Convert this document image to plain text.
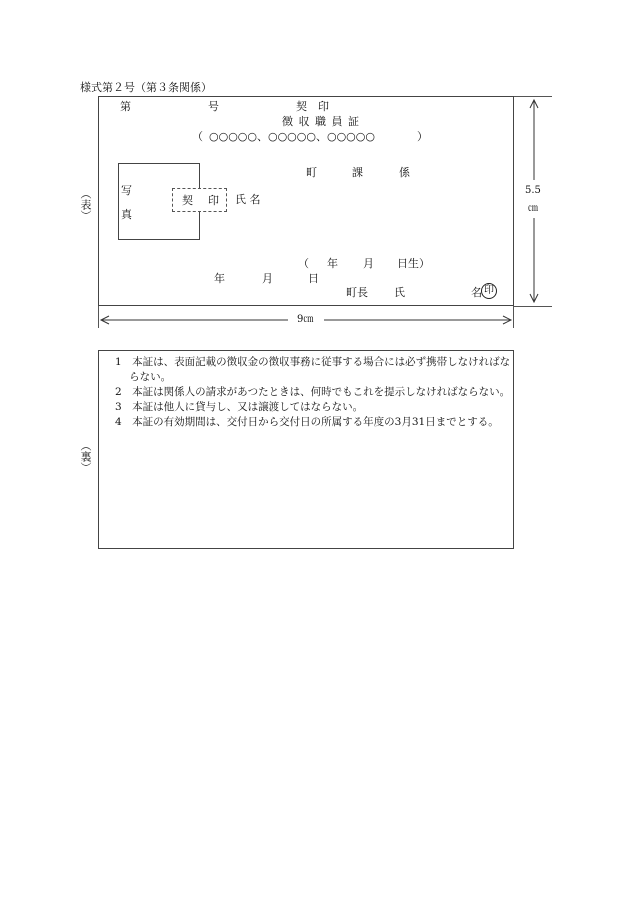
様式第２号（第３条関係）
（表）
第	号	契　印
徴 収 職 員 証
（ ○○○○○、○○○○○、○○○○○	）
町	課	係
写
真
契 印 氏 名
（ 年 月 日生）
年	月	日
町長 氏	名 印
9㎝
5.5
㎝
（裏）

1　本証は、表面記載の徴収金の徴収事務に従事する場合には必ず携帯しなければならない。

2　本証は関係人の請求があつたときは、何時でもこれを提示しなければならない。

3　本証は他人に貸与し、又は譲渡してはならない。

4　本証の有効期間は、交付日から交付日の所属する年度の3月31日までとする。
